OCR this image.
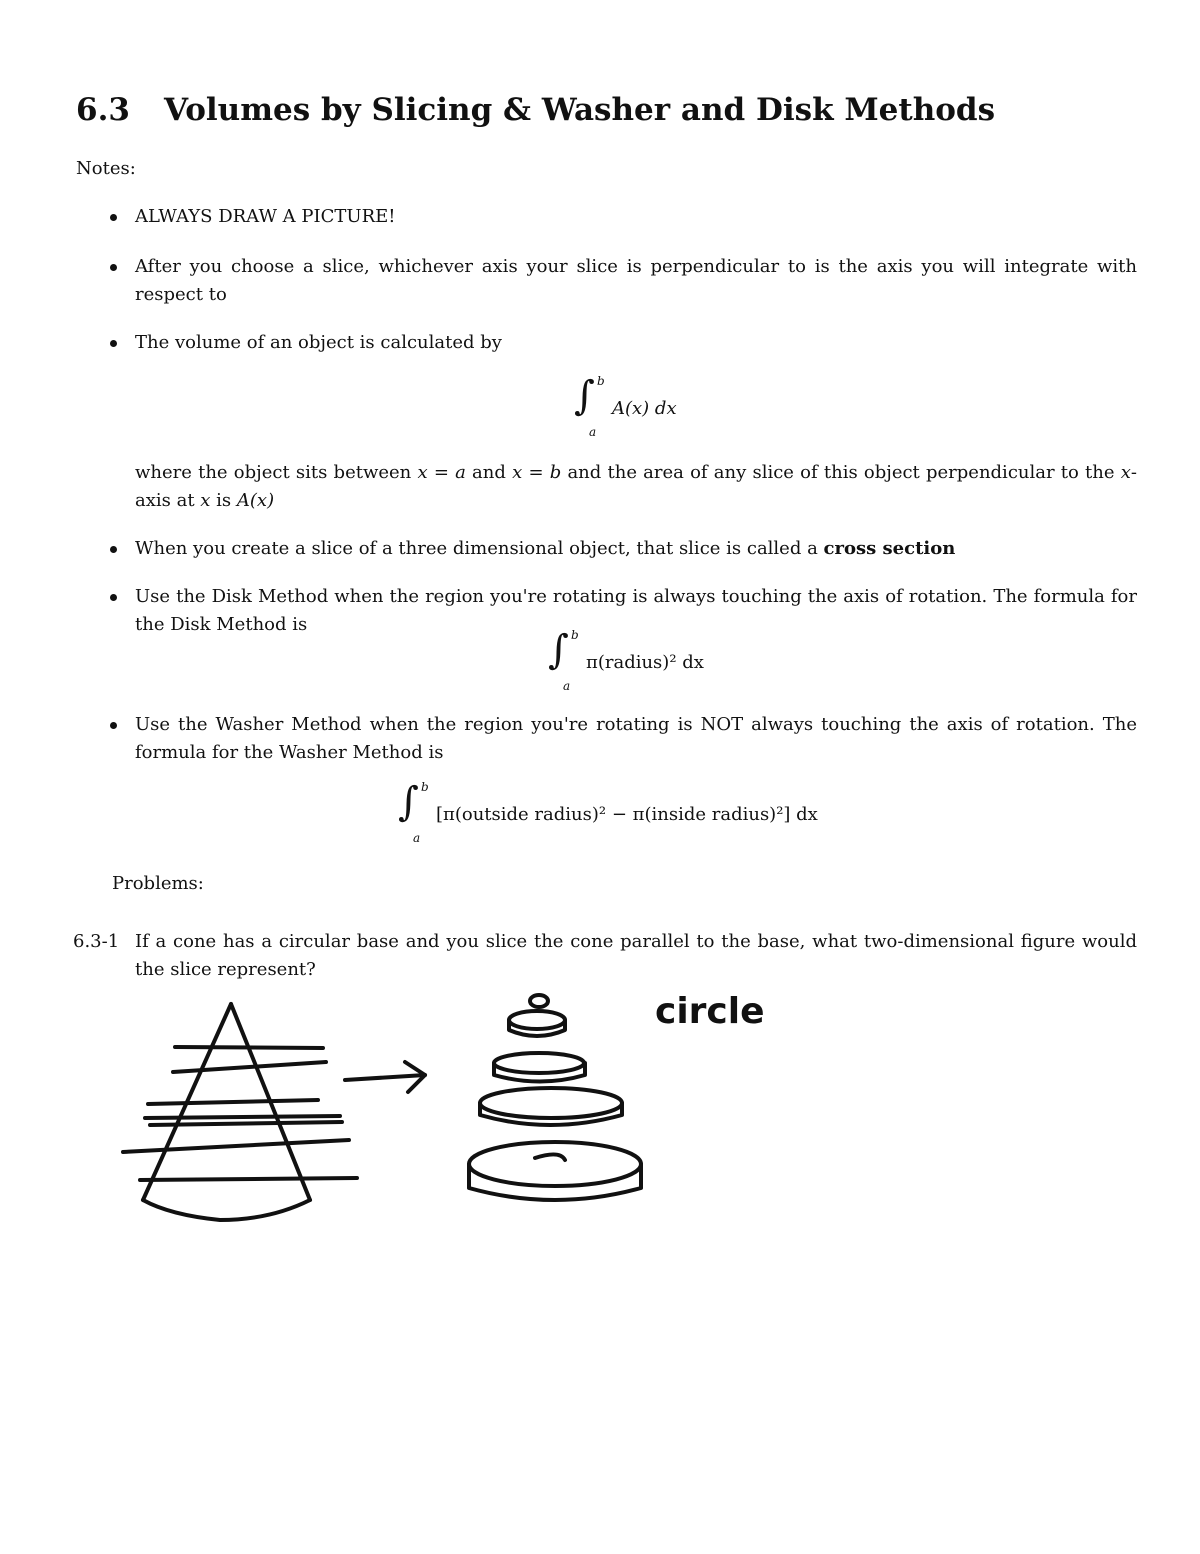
6.3 Volumes by Slicing & Washer and Disk Methods
Notes:
ALWAYS DRAW A PICTURE!
After you choose a slice, whichever axis your slice is perpendicular to is the axis you will integrate with respect to
The volume of an object is calculated by
∫ b
a
A(x) dx
where the object sits between x = a and x = b and the area of any slice of this object perpendicular to the x-axis at x is A(x)
When you create a slice of a three dimensional object, that slice is called a cross section
Use the Disk Method when the region you're rotating is always touching the axis of rotation. The formula for the Disk Method is
∫ b
a
π(radius)² dx
Use the Washer Method when the region you're rotating is NOT always touching the axis of rotation. The formula for the Washer Method is
∫ b
a
[π(outside radius)² − π(inside radius)²] dx
Problems:
6.3-1 If a cone has a circular base and you slice the cone parallel to the base, what two-dimensional figure would the slice represent?
circle
